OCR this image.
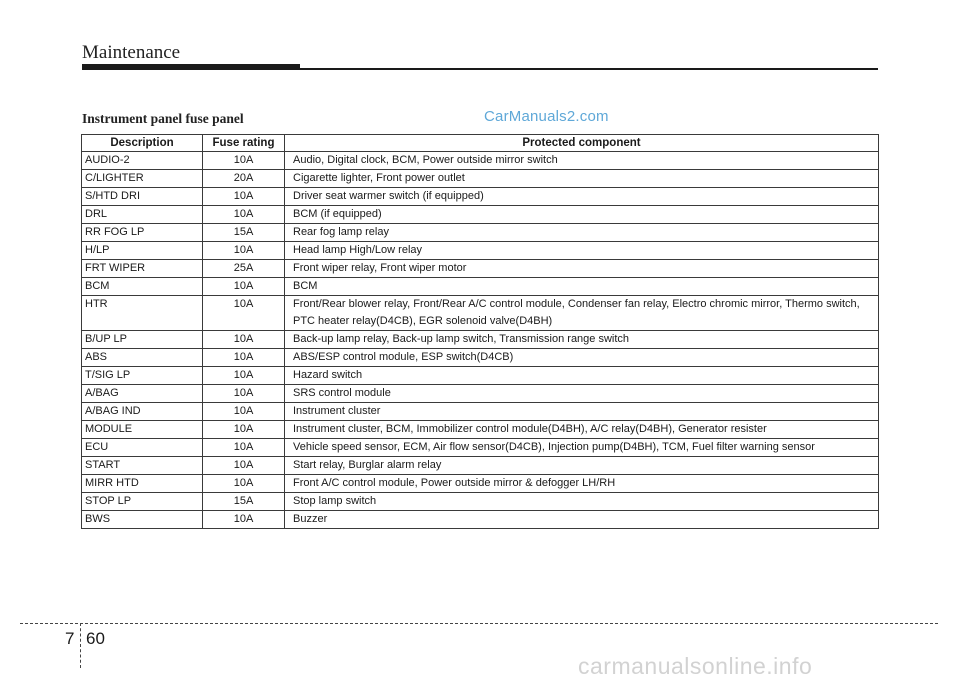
Maintenance
Instrument panel fuse panel	CarManuals2.com
Description	Fuse rating	Protected component
AUDIO-2	10A	Audio, Digital clock, BCM, Power outside mirror switch
C/LIGHTER	20A	Cigarette lighter, Front power outlet
S/HTD DRI	10A	Driver seat warmer switch (if equipped)
DRL	10A	BCM (if equipped)
RR FOG LP	15A	Rear fog lamp relay
H/LP	10A	Head lamp High/Low relay
FRT WIPER	25A	Front wiper relay, Front wiper motor
BCM	10A	BCM
HTR	10A	Front/Rear blower relay, Front/Rear A/C control module, Condenser fan relay, Electro chromic mirror, Thermo switch, PTC heater relay(D4CB), EGR solenoid valve(D4BH)
B/UP LP	10A	Back-up lamp relay, Back-up lamp switch, Transmission range switch
ABS	10A	ABS/ESP control module, ESP switch(D4CB)
T/SIG LP	10A	Hazard switch
A/BAG	10A	SRS control module
A/BAG IND	10A	Instrument cluster
MODULE	10A	Instrument cluster, BCM, Immobilizer control module(D4BH), A/C relay(D4BH), Generator resister
ECU	10A	Vehicle speed sensor, ECM, Air flow sensor(D4CB), Injection pump(D4BH), TCM, Fuel filter warning sensor
START	10A	Start relay, Burglar alarm relay
MIRR HTD	10A	Front A/C control module, Power outside mirror & defogger LH/RH
STOP LP	15A	Stop lamp switch
BWS	10A	Buzzer
7 60
carmanualsonline.info
